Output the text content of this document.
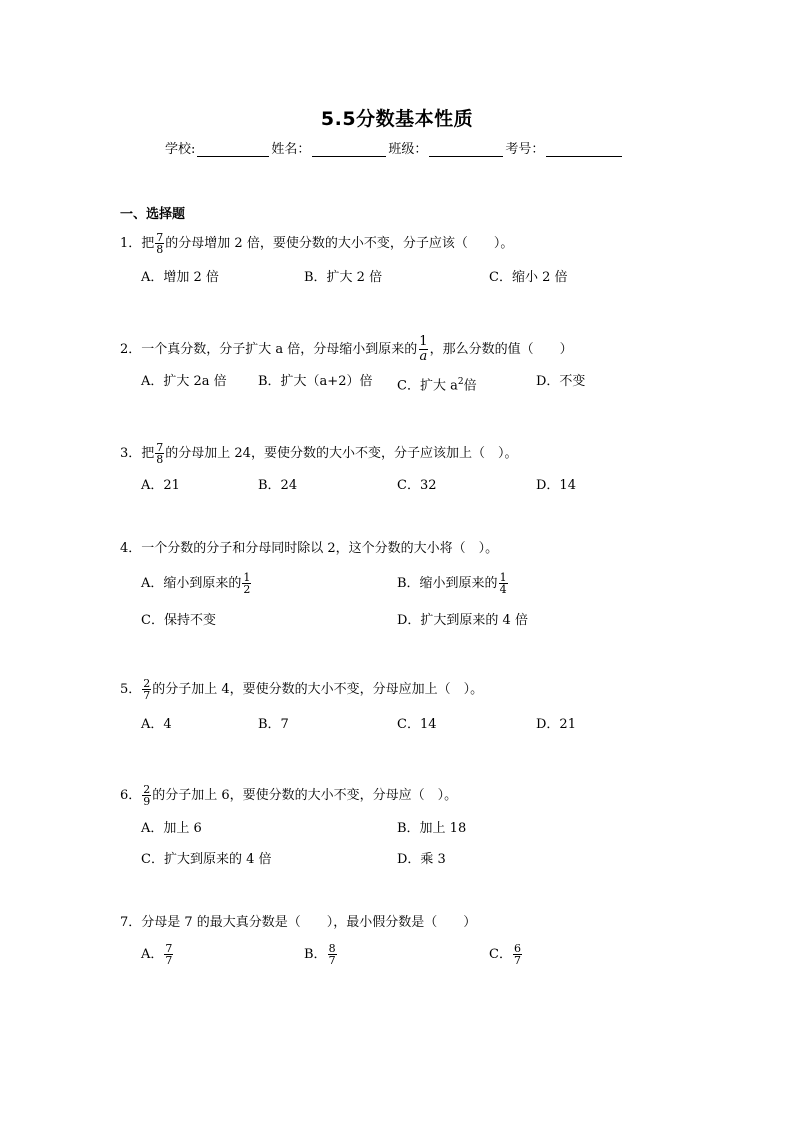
5.5分数基本性质
学校:	姓名：	班级：	考号：
一、选择题
1．把 $\frac{7}{8}$ 的分母增加 2 倍，要使分数的大小不变，分子应该（　　）。
A．增加 2 倍	B．扩大 2 倍	C．缩小 2 倍
2．一个真分数，分子扩大 a 倍，分母缩小到原来的 $\frac{1}{a}$ ，那么分数的值（　　）
A．扩大 2a 倍 B．扩大（a+2）倍 C．扩大 $a^2$倍	D．不变
3．把 $\frac{7}{8}$ 的分母加上 24，要使分数的大小不变，分子应该加上（　）。
A．21	B．24	C．32	D．14
4．一个分数的分子和分母同时除以 2，这个分数的大小将（　）。
A．缩小到原来的 $\frac{1}{2}$	B．缩小到原来的 $\frac{1}{4}$
C．保持不变	D．扩大到原来的 4 倍
5． $\frac{2}{7}$ 的分子加上 4，要使分数的大小不变，分母应加上（　）。
A．4	B．7	C．14	D．21
6． $\frac{2}{9}$ 的分子加上 6，要使分数的大小不变，分母应（　）。
A．加上 6	B．加上 18
C．扩大到原来的 4 倍	D．乘 3
7．分母是 7 的最大真分数是（　　），最小假分数是（　　）
A． $\frac{7}{7}$	B． $\frac{8}{7}$	C． $\frac{6}{7}$
